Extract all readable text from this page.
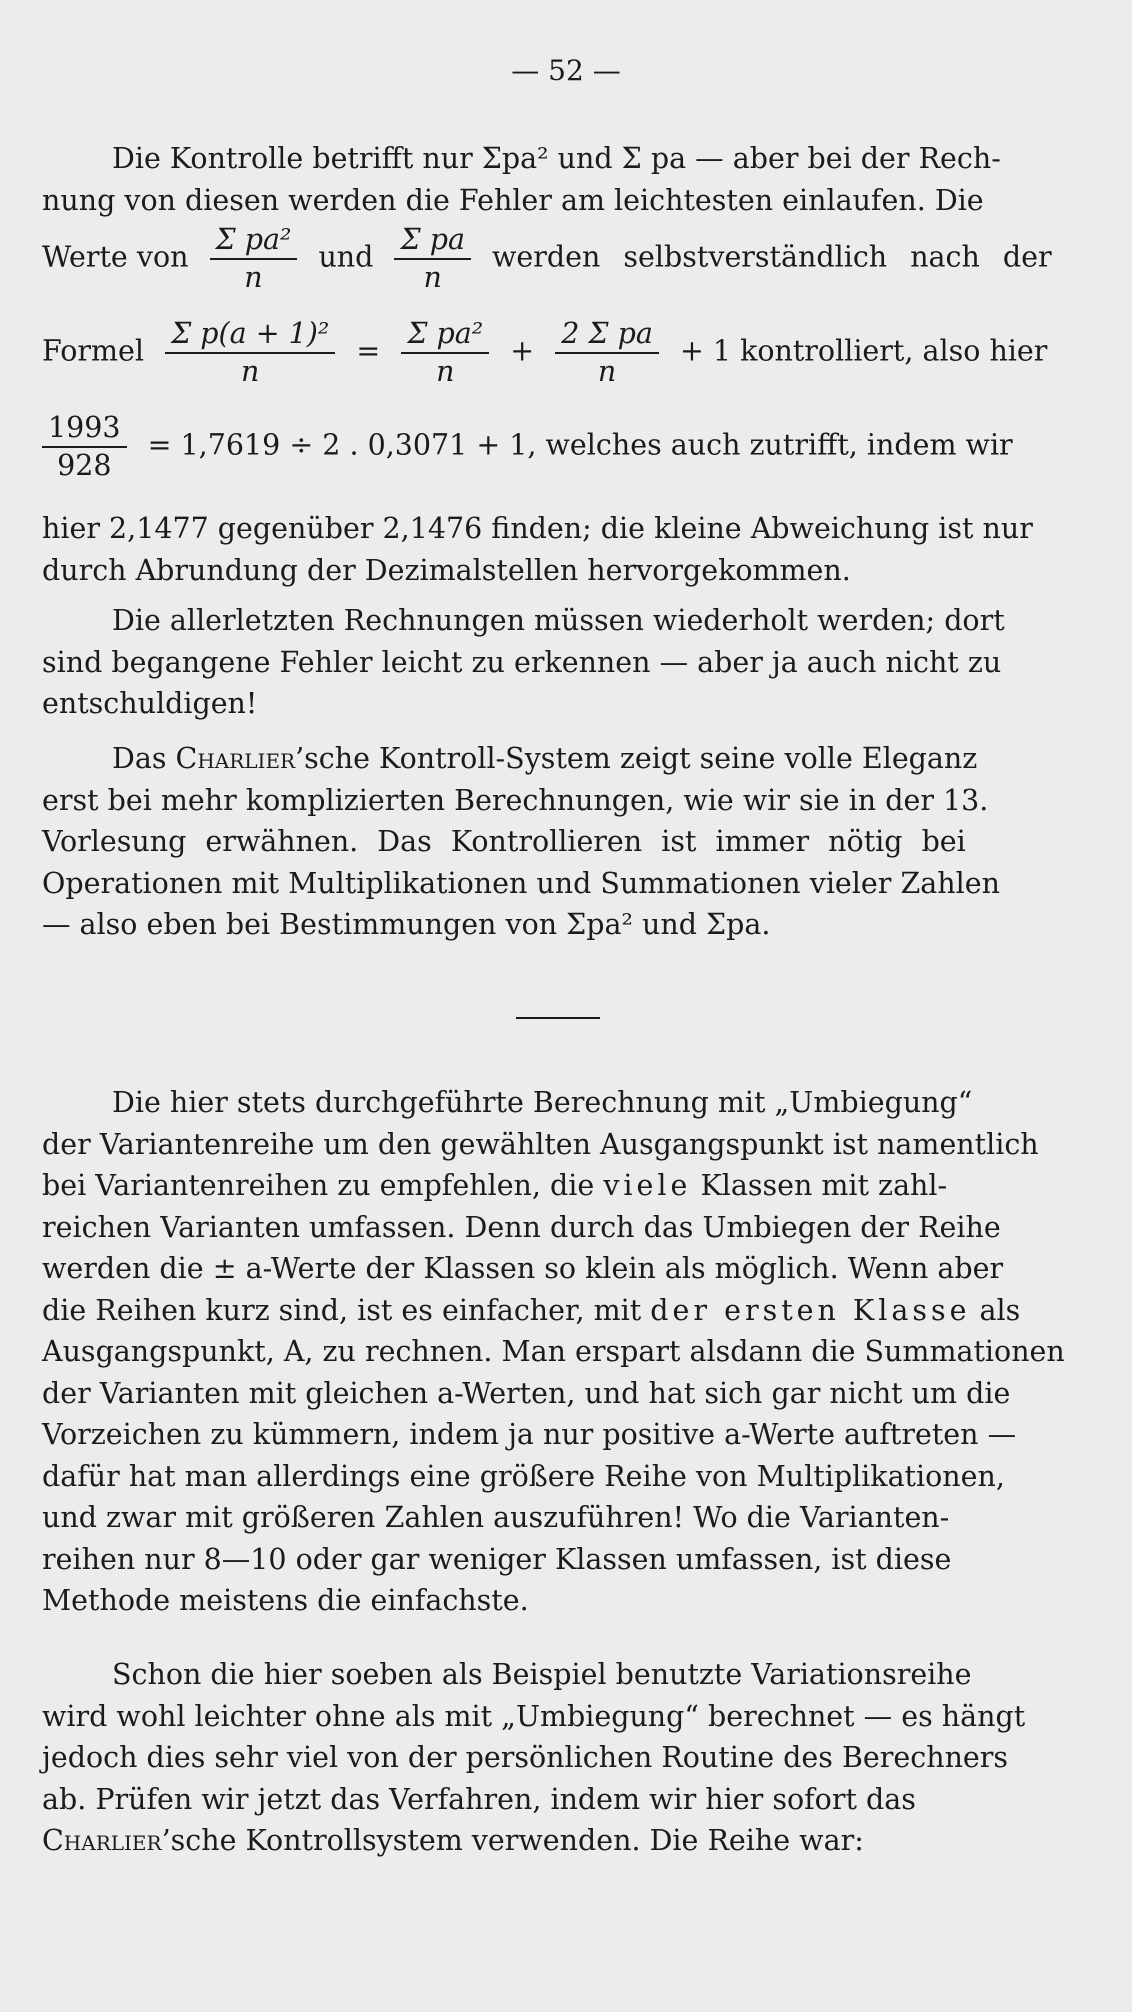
— 52 —
Die Kontrolle betrifft nur Σpa² und Σ pa — aber bei der Rech-
nung von diesen werden die Fehler am leichtesten einlaufen. Die
Werte von $\frac{\text{Σ pa²}}{n}$ und $\frac{\text{Σ pa}}{n}$ werden selbstverständlich nach der
Formel $\frac{\text{Σ p(a + 1)²}}{n} = \frac{\text{Σ pa²}}{n} + \frac{\text{2 Σ pa}}{n} + 1$ kontrolliert, also hier
$\frac{1993}{928} = 1,7619 \div 2$ . 0,3071 + 1, welches auch zutrifft, indem wir
hier 2,1477 gegenüber 2,1476 finden; die kleine Abweichung ist nur
durch Abrundung der Dezimalstellen hervorgekommen.
Die allerletzten Rechnungen müssen wiederholt werden; dort
sind begangene Fehler leicht zu erkennen — aber ja auch nicht zu
entschuldigen!
Das Charlier’sche Kontroll-System zeigt seine volle Eleganz
erst bei mehr komplizierten Berechnungen, wie wir sie in der 13.
Vorlesung erwähnen. Das Kontrollieren ist immer nötig bei
Operationen mit Multiplikationen und Summationen vieler Zahlen
— also eben bei Bestimmungen von Σpa² und Σpa.
Die hier stets durchgeführte Berechnung mit „Umbiegung“
der Variantenreihe um den gewählten Ausgangspunkt ist namentlich
bei Variantenreihen zu empfehlen, die viele Klassen mit zahl-
reichen Varianten umfassen. Denn durch das Umbiegen der Reihe
werden die ± a-Werte der Klassen so klein als möglich. Wenn aber
die Reihen kurz sind, ist es einfacher, mit der ersten Klasse als
Ausgangspunkt, A, zu rechnen. Man erspart alsdann die Summationen
der Varianten mit gleichen a-Werten, und hat sich gar nicht um die
Vorzeichen zu kümmern, indem ja nur positive a-Werte auftreten —
dafür hat man allerdings eine größere Reihe von Multiplikationen,
und zwar mit größeren Zahlen auszuführen! Wo die Varianten-
reihen nur 8—10 oder gar weniger Klassen umfassen, ist diese
Methode meistens die einfachste.
Schon die hier soeben als Beispiel benutzte Variationsreihe
wird wohl leichter ohne als mit „Umbiegung“ berechnet — es hängt
jedoch dies sehr viel von der persönlichen Routine des Berechners
ab. Prüfen wir jetzt das Verfahren, indem wir hier sofort das
Charlier’sche Kontrollsystem verwenden. Die Reihe war:
